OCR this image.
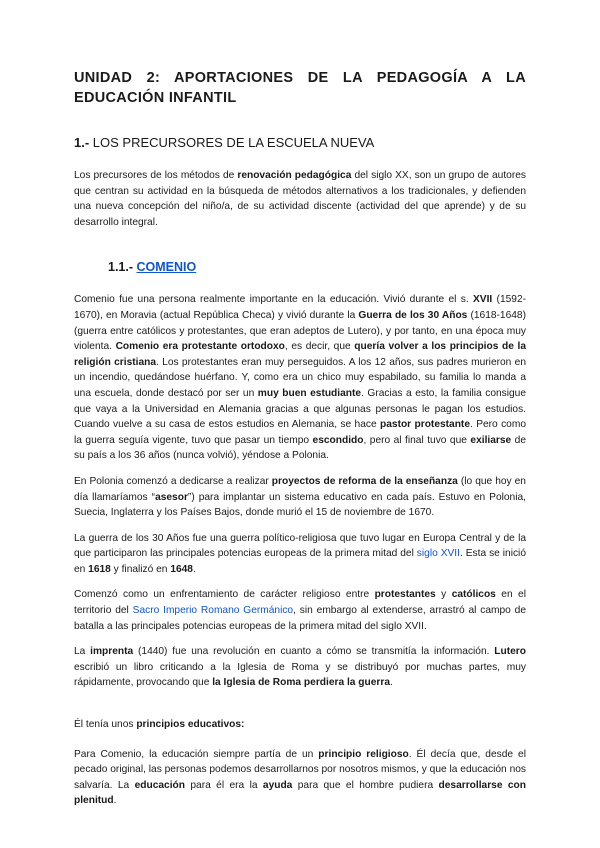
UNIDAD 2: APORTACIONES DE LA PEDAGOGÍA A LA EDUCACIÓN INFANTIL
1.- LOS PRECURSORES DE LA ESCUELA NUEVA

Los precursores de los métodos de renovación pedagógica del siglo XX, son un grupo de autores que centran su actividad en la búsqueda de métodos alternativos a los tradicionales, y defienden una nueva concepción del niño/a, de su actividad discente (actividad del que aprende) y de su desarrollo integral.

1.1.- COMENIO

Comenio fue una persona realmente importante en la educación. Vivió durante el s. XVII (1592-1670), en Moravia (actual República Checa) y vivió durante la Guerra de los 30 Años (1618-1648) (guerra entre católicos y protestantes, que eran adeptos de Lutero), y por tanto, en una época muy violenta. Comenio era protestante ortodoxo, es decir, que quería volver a los principios de la religión cristiana. Los protestantes eran muy perseguidos. A los 12 años, sus padres murieron en un incendio, quedándose huérfano. Y, como era un chico muy espabilado, su familia lo manda a una escuela, donde destacó por ser un muy buen estudiante. Gracias a esto, la familia consigue que vaya a la Universidad en Alemania gracias a que algunas personas le pagan los estudios. Cuando vuelve a su casa de estos estudios en Alemania, se hace pastor protestante. Pero como la guerra seguía vigente, tuvo que pasar un tiempo escondido, pero al final tuvo que exiliarse de su país a los 36 años (nunca volvió), yéndose a Polonia.

En Polonia comenzó a dedicarse a realizar proyectos de reforma de la enseñanza (lo que hoy en día llamaríamos “asesor”) para implantar un sistema educativo en cada país. Estuvo en Polonia, Suecia, Inglaterra y los Países Bajos, donde murió el 15 de noviembre de 1670.

La guerra de los 30 Años fue una guerra político-religiosa que tuvo lugar en Europa Central y de la que participaron las principales potencias europeas de la primera mitad del siglo XVII. Esta se inició en 1618 y finalizó en 1648.

Comenzó como un enfrentamiento de carácter religioso entre protestantes y católicos en el territorio del Sacro Imperio Romano Germánico, sin embargo al extenderse, arrastró al campo de batalla a las principales potencias europeas de la primera mitad del siglo XVII.

La imprenta (1440) fue una revolución en cuanto a cómo se transmitía la información. Lutero escribió un libro criticando a la Iglesia de Roma y se distribuyó por muchas partes, muy rápidamente, provocando que la Iglesia de Roma perdiera la guerra.

Él tenía unos principios educativos:

Para Comenio, la educación siempre partía de un principio religioso. Él decía que, desde el pecado original, las personas podemos desarrollarnos por nosotros mismos, y que la educación nos salvaría. La educación para él era la ayuda para que el hombre pudiera desarrollarse con plenitud.
